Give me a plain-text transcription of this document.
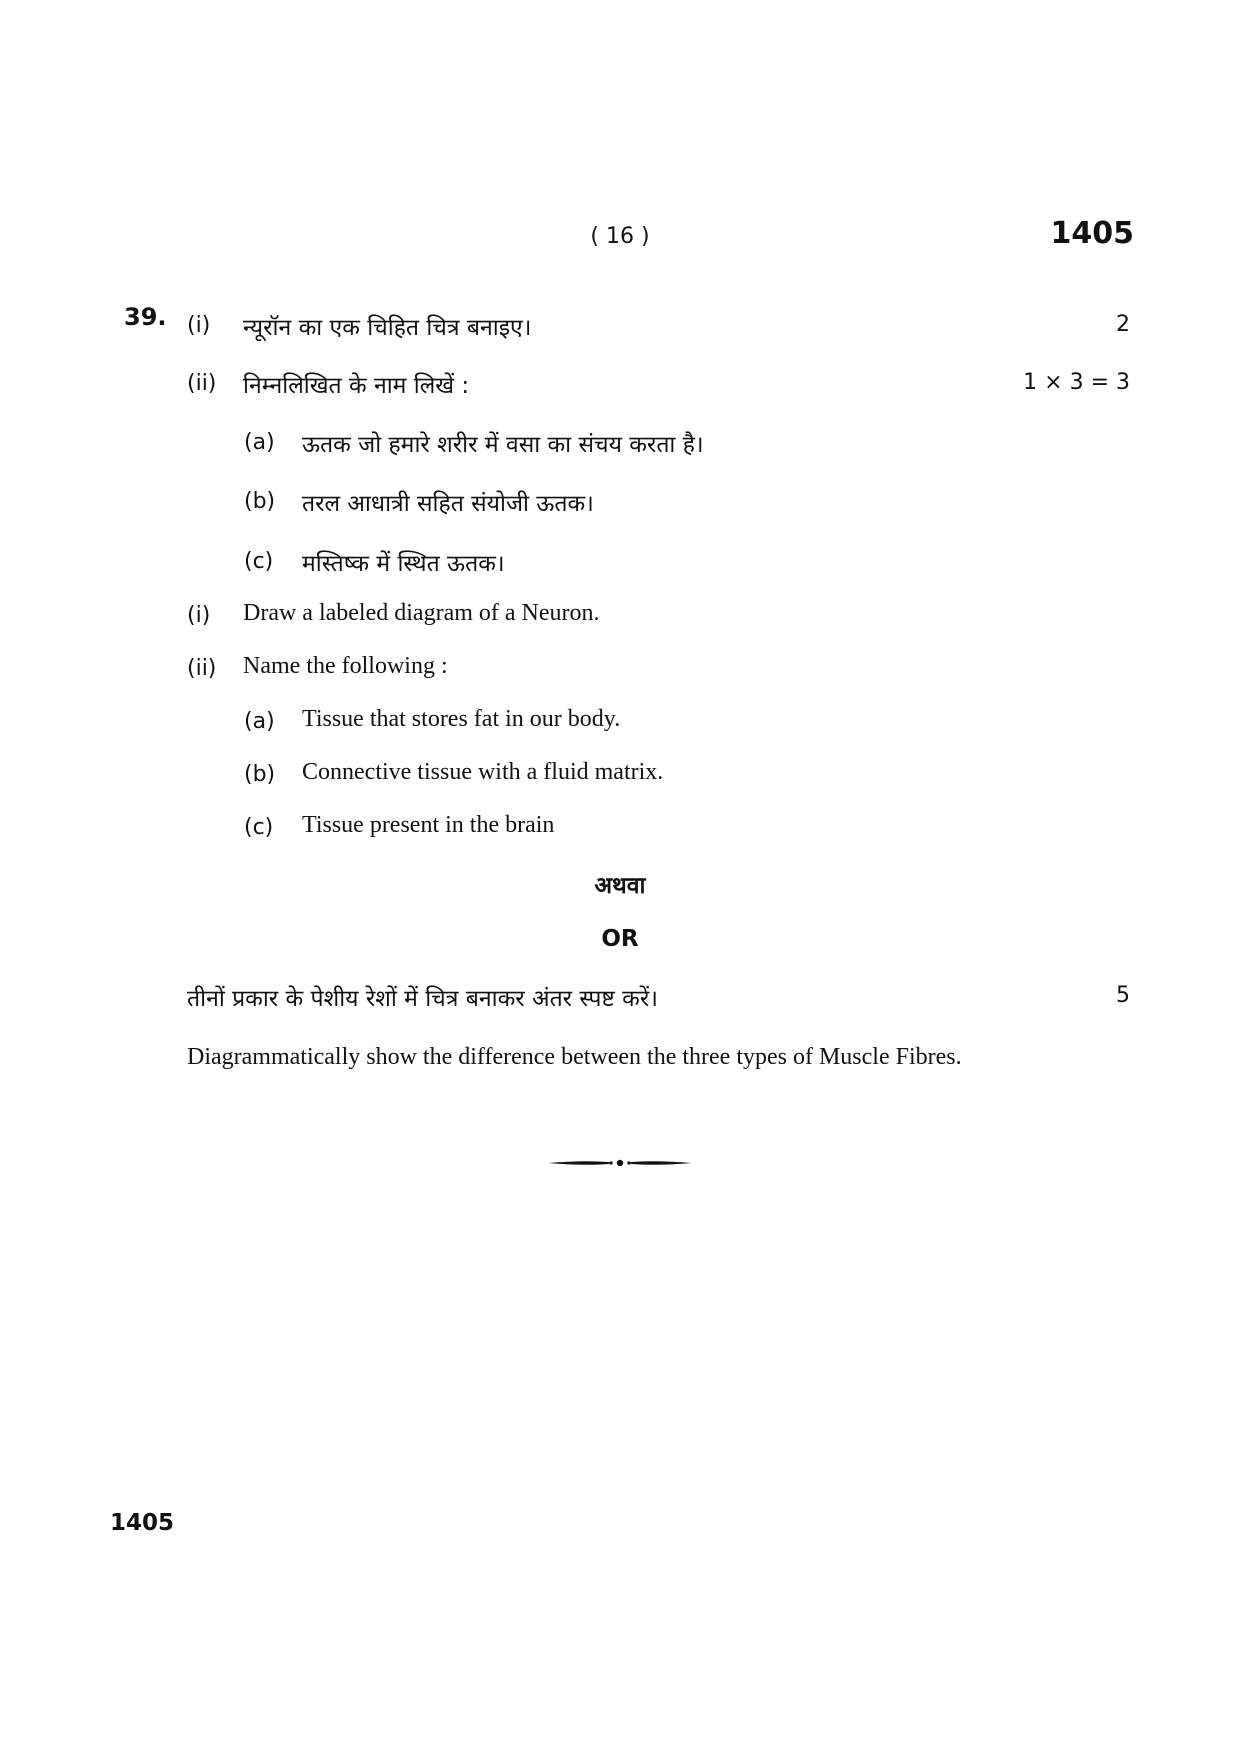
( 16 )	1405
39. (i) न्यूरॉन का एक चिहित चित्र बनाइए।	2
(ii) निम्नलिखित के नाम लिखें :	1 × 3 = 3
(a) ऊतक जो हमारे शरीर में वसा का संचय करता है।
(b) तरल आधात्री सहित संयोजी ऊतक।
(c) मस्तिष्क में स्थित ऊतक।
(i) Draw a labeled diagram of a Neuron.
(ii) Name the following :
(a) Tissue that stores fat in our body.
(b) Connective tissue with a fluid matrix.
(c) Tissue present in the brain
अथवा
OR
तीनों प्रकार के पेशीय रेशों में चित्र बनाकर अंतर स्पष्ट करें।	5
Diagrammatically show the difference between the three types of Muscle Fibres.
1405
